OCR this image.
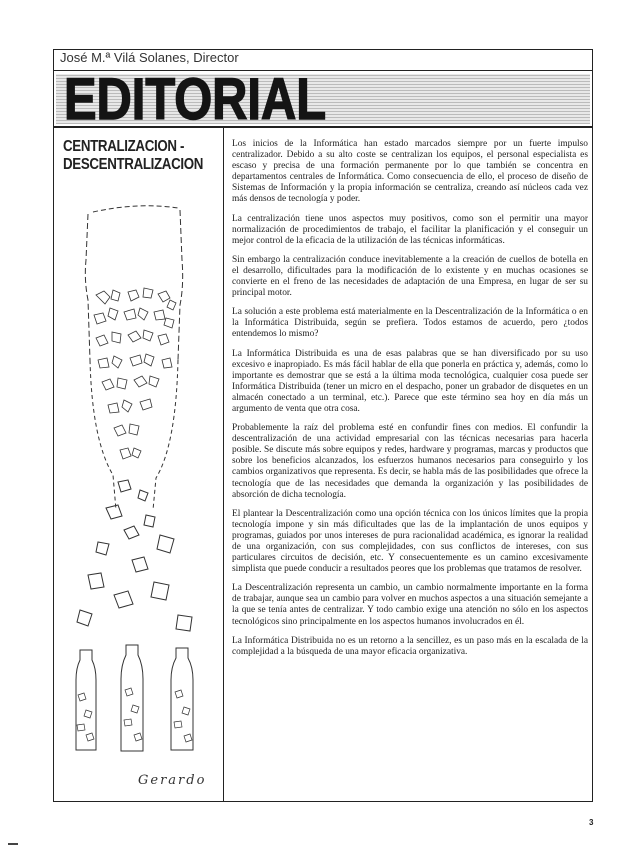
José M.ª Vilá Solanes, Director
EDITORIAL
CENTRALIZACION -
DESCENTRALIZACION
Gerardo

Los inicios de la Informática han estado marcados siempre por un fuerte impulso centralizador. Debido a su alto coste se centralizan los equipos, el personal especialista es escaso y precisa de una formación permanente por lo que también se concentra en departamentos centrales de Informática. Como consecuencia de ello, el proceso de diseño de Sistemas de Información y la propia información se centraliza, creando así núcleos cada vez más densos de tecnología y poder.

La centralización tiene unos aspectos muy positivos, como son el permitir una mayor normalización de procedimientos de trabajo, el facilitar la planificación y el conseguir un mejor control de la eficacia de la utilización de las técnicas informáticas.

Sin embargo la centralización conduce inevitablemente a la creación de cuellos de botella en el desarrollo, dificultades para la modificación de lo existente y en muchas ocasiones se convierte en el freno de las necesidades de adaptación de una Empresa, en lugar de ser su principal motor.

La solución a este problema está materialmente en la Descentralización de la Informática o en la Informática Distribuida, según se prefiera. Todos estamos de acuerdo, pero ¿todos entendemos lo mismo?

La Informática Distribuida es una de esas palabras que se han diversificado por su uso excesivo e inapropiado. Es más fácil hablar de ella que ponerla en práctica y, además, como lo importante es demostrar que se está a la última moda tecnológica, cualquier cosa puede ser Informática Distribuida (tener un micro en el despacho, poner un grabador de disquetes en un almacén conectado a un terminal, etc.). Parece que este término sea hoy en día más un argumento de venta que otra cosa.

Probablemente la raíz del problema esté en confundir fines con medios. El confundir la descentralización de una actividad empresarial con las técnicas necesarias para hacerla posible. Se discute más sobre equipos y redes, hardware y programas, marcas y productos que sobre los beneficios alcanzados, los esfuerzos humanos necesarios para conseguirlo y los cambios organizativos que representa. Es decir, se habla más de las posibilidades que ofrece la tecnología que de las necesidades que demanda la organización y las posibilidades de absorción de dicha tecnología.

El plantear la Descentralización como una opción técnica con los únicos límites que la propia tecnología impone y sin más dificultades que las de la implantación de unos equipos y programas, guiados por unos intereses de pura racionalidad académica, es ignorar la realidad de una organización, con sus complejidades, con sus conflictos de intereses, con sus particulares circuitos de decisión, etc. Y consecuentemente es un camino excesivamente simplista que puede conducir a resultados peores que los problemas que tratamos de resolver.

La Descentralización representa un cambio, un cambio normalmente importante en la forma de trabajar, aunque sea un cambio para volver en muchos aspectos a una situación semejante a la que se tenía antes de centralizar. Y todo cambio exige una atención no sólo en los aspectos tecnológicos sino principalmente en los aspectos humanos involucrados en él.

La Informática Distribuida no es un retorno a la sencillez, es un paso más en la escalada de la complejidad a la búsqueda de una mayor eficacia organizativa.

3
